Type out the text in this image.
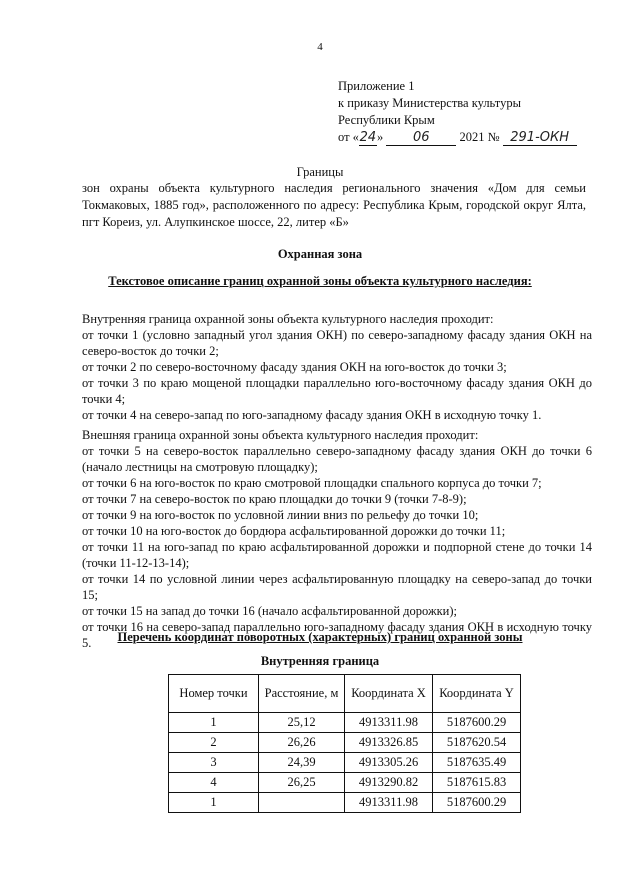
4
Приложение 1
к приказу Министерства культуры
Республики Крым
от «24» 06 2021 № 291-ОКН
Границы
зон охраны объекта культурного наследия регионального значения «Дом для семьи Токмаковых, 1885 год», расположенного по адресу: Республика Крым, городской округ Ялта, пгт Кореиз, ул. Алупкинское шоссе, 22, литер «Б»
Охранная зона
Текстовое описание границ охранной зоны объекта культурного наследия:

Внутренняя граница охранной зоны объекта культурного наследия проходит:

от точки 1 (условно западный угол здания ОКН) по северо-западному фасаду здания ОКН на северо-восток до точки 2;

от точки 2 по северо-восточному фасаду здания ОКН на юго-восток до точки 3;

от точки 3 по краю мощеной площадки параллельно юго-восточному фасаду здания ОКН до точки 4;

от точки 4 на северо-запад по юго-западному фасаду здания ОКН в исходную точку 1.

Внешняя граница охранной зоны объекта культурного наследия проходит:

от точки 5 на северо-восток параллельно северо-западному фасаду здания ОКН до точки 6 (начало лестницы на смотровую площадку);

от точки 6 на юго-восток по краю смотровой площадки спального корпуса до точки 7;

от точки 7 на северо-восток по краю площадки до точки 9 (точки 7-8-9);

от точки 9 на юго-восток по условной линии вниз по рельефу до точки 10;

от точки 10 на юго-восток до бордюра асфальтированной дорожки до точки 11;

от точки 11 на юго-запад по краю асфальтированной дорожки и подпорной стене до точки 14 (точки 11-12-13-14);

от точки 14 по условной линии через асфальтированную площадку на северо-запад до точки 15;

от точки 15 на запад до точки 16 (начало асфальтированной дорожки);

от точки 16 на северо-запад параллельно юго-западному фасаду здания ОКН в исходную точку 5.	Перечень координат поворотных (характерных) границ охранной зоны
Внутренняя граница
Номер точки	Расстояние, м	Координата X	Координата Y
1	25,12	4913311.98	5187600.29
2	26,26	4913326.85	5187620.54
3	24,39	4913305.26	5187635.49
4	26,25	4913290.82	5187615.83
1		4913311.98	5187600.29
